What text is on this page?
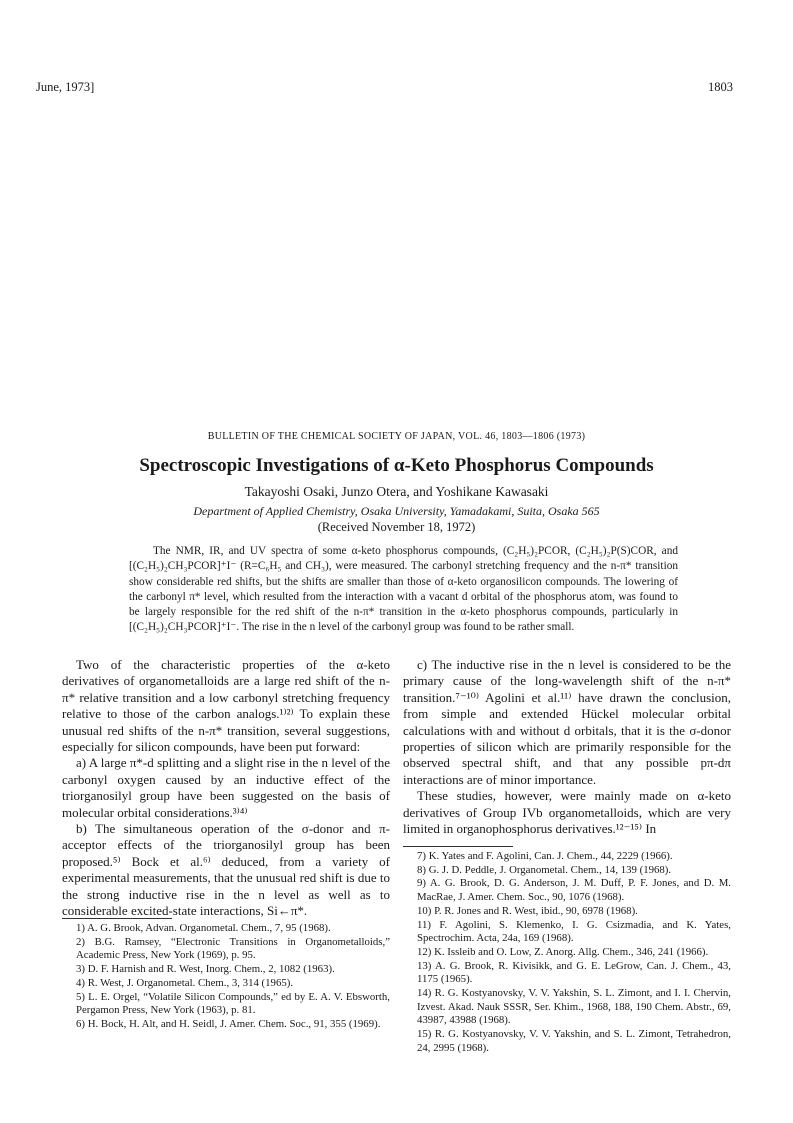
June, 1973]	1803
BULLETIN OF THE CHEMICAL SOCIETY OF JAPAN, VOL. 46, 1803—1806 (1973)
Spectroscopic Investigations of α-Keto Phosphorus Compounds
Takayoshi Osaki, Junzo Otera, and Yoshikane Kawasaki
Department of Applied Chemistry, Osaka University, Yamadakami, Suita, Osaka 565
(Received November 18, 1972)

The NMR, IR, and UV spectra of some α-keto phosphorus compounds, (C₂H₅)₂PCOR, (C₂H₅)₂P(S)COR, and [(C₂H₅)₂CH₃PCOR]⁺I⁻ (R=C₆H₅ and CH₃), were measured. The carbonyl stretching frequency and the n-π* transition show considerable red shifts, but the shifts are smaller than those of α-keto organosilicon compounds. The lowering of the carbonyl π* level, which resulted from the interaction with a vacant d orbital of the phosphorus atom, was found to be largely responsible for the red shift of the n-π* transition in the α-keto phosphorus compounds, particularly in [(C₂H₅)₂CH₃PCOR]⁺I⁻. The rise in the n level of the carbonyl group was found to be rather small.

Two of the characteristic properties of the α-keto derivatives of organometalloids are a large red shift of the n-π* relative transition and a low carbonyl stretching frequency relative to those of the carbon analogs.¹⁾²⁾ To explain these unusual red shifts of the n-π* transition, several suggestions, especially for silicon compounds, have been put forward:

a) A large π*-d splitting and a slight rise in the n level of the carbonyl oxygen caused by an inductive effect of the triorganosilyl group have been suggested on the basis of molecular orbital considerations.³⁾⁴⁾

b) The simultaneous operation of the σ-donor and π-acceptor effects of the triorganosilyl group has been proposed.⁵⁾ Bock et al.⁶⁾ deduced, from a variety of experimental measurements, that the unusual red shift is due to the strong inductive rise in the n level as well as to considerable excited-state interactions, Si←π*.

1) A. G. Brook, Advan. Organometal. Chem., 7, 95 (1968).
2) B.G. Ramsey, “Electronic Transitions in Organometalloids,” Academic Press, New York (1969), p. 95.
3) D. F. Harnish and R. West, Inorg. Chem., 2, 1082 (1963).
4) R. West, J. Organometal. Chem., 3, 314 (1965).
5) L. E. Orgel, “Volatile Silicon Compounds,” ed by E. A. V. Ebsworth, Pergamon Press, New York (1963), p. 81.
6) H. Bock, H. Alt, and H. Seidl, J. Amer. Chem. Soc., 91, 355 (1969).

c) The inductive rise in the n level is considered to be the primary cause of the long-wavelength shift of the n-π* transition.⁷⁻¹⁰⁾ Agolini et al.¹¹⁾ have drawn the conclusion, from simple and extended Hückel molecular orbital calculations with and without d orbitals, that it is the σ-donor properties of silicon which are primarily responsible for the observed spectral shift, and that any possible pπ-dπ interactions are of minor importance.

These studies, however, were mainly made on α-keto derivatives of Group IVb organometalloids, which are very limited in organophosphorus derivatives.¹²⁻¹⁵⁾ In

7) K. Yates and F. Agolini, Can. J. Chem., 44, 2229 (1966).
8) G. J. D. Peddle, J. Organometal. Chem., 14, 139 (1968).
9) A. G. Brook, D. G. Anderson, J. M. Duff, P. F. Jones, and D. M. MacRae, J. Amer. Chem. Soc., 90, 1076 (1968).
10) P. R. Jones and R. West, ibid., 90, 6978 (1968).
11) F. Agolini, S. Klemenko, I. G. Csizmadia, and K. Yates, Spectrochim. Acta, 24a, 169 (1968).
12) K. Issleib and O. Low, Z. Anorg. Allg. Chem., 346, 241 (1966).
13) A. G. Brook, R. Kivisikk, and G. E. LeGrow, Can. J. Chem., 43, 1175 (1965).
14) R. G. Kostyanovsky, V. V. Yakshin, S. L. Zimont, and I. I. Chervin, Izvest. Akad. Nauk SSSR, Ser. Khim., 1968, 188, 190 Chem. Abstr., 69, 43987, 43988 (1968).
15) R. G. Kostyanovsky, V. V. Yakshin, and S. L. Zimont, Tetrahedron, 24, 2995 (1968).
